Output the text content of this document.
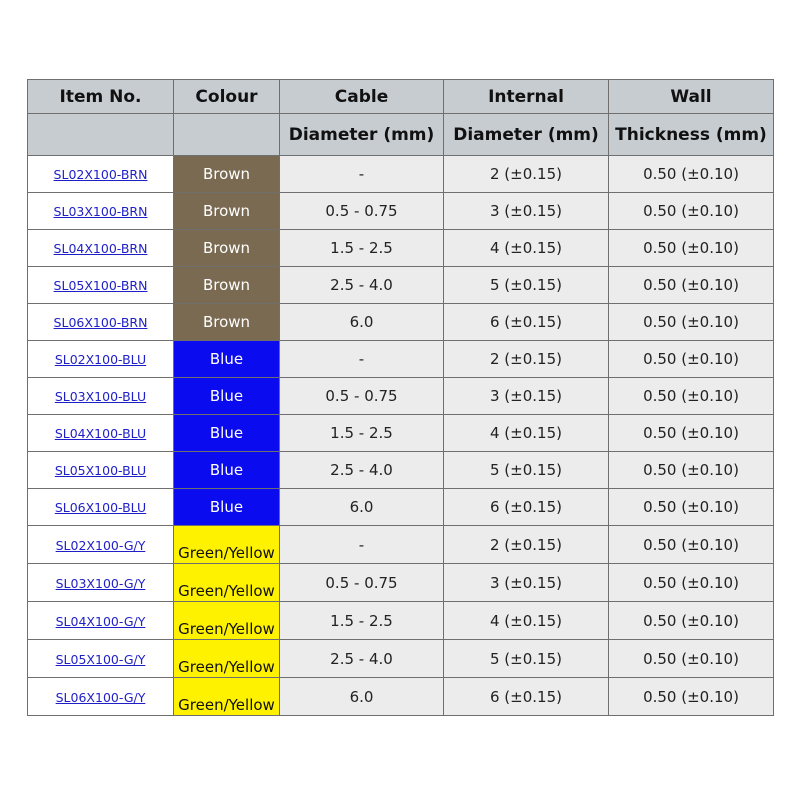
Item No.	Colour	Cable	Internal	Wall
		Diameter (mm)	Diameter (mm)	Thickness (mm)
SL02X100-BRN	Brown	-	2 (±0.15)	0.50 (±0.10)
SL03X100-BRN	Brown	0.5 - 0.75	3 (±0.15)	0.50 (±0.10)
SL04X100-BRN	Brown	1.5 - 2.5	4 (±0.15)	0.50 (±0.10)
SL05X100-BRN	Brown	2.5 - 4.0	5 (±0.15)	0.50 (±0.10)
SL06X100-BRN	Brown	6.0	6 (±0.15)	0.50 (±0.10)
SL02X100-BLU	Blue	-	2 (±0.15)	0.50 (±0.10)
SL03X100-BLU	Blue	0.5 - 0.75	3 (±0.15)	0.50 (±0.10)
SL04X100-BLU	Blue	1.5 - 2.5	4 (±0.15)	0.50 (±0.10)
SL05X100-BLU	Blue	2.5 - 4.0	5 (±0.15)	0.50 (±0.10)
SL06X100-BLU	Blue	6.0	6 (±0.15)	0.50 (±0.10)
SL02X100-G/Y	Green/Yellow	-	2 (±0.15)	0.50 (±0.10)
SL03X100-G/Y	Green/Yellow	0.5 - 0.75	3 (±0.15)	0.50 (±0.10)
SL04X100-G/Y	Green/Yellow	1.5 - 2.5	4 (±0.15)	0.50 (±0.10)
SL05X100-G/Y	Green/Yellow	2.5 - 4.0	5 (±0.15)	0.50 (±0.10)
SL06X100-G/Y	Green/Yellow	6.0	6 (±0.15)	0.50 (±0.10)
